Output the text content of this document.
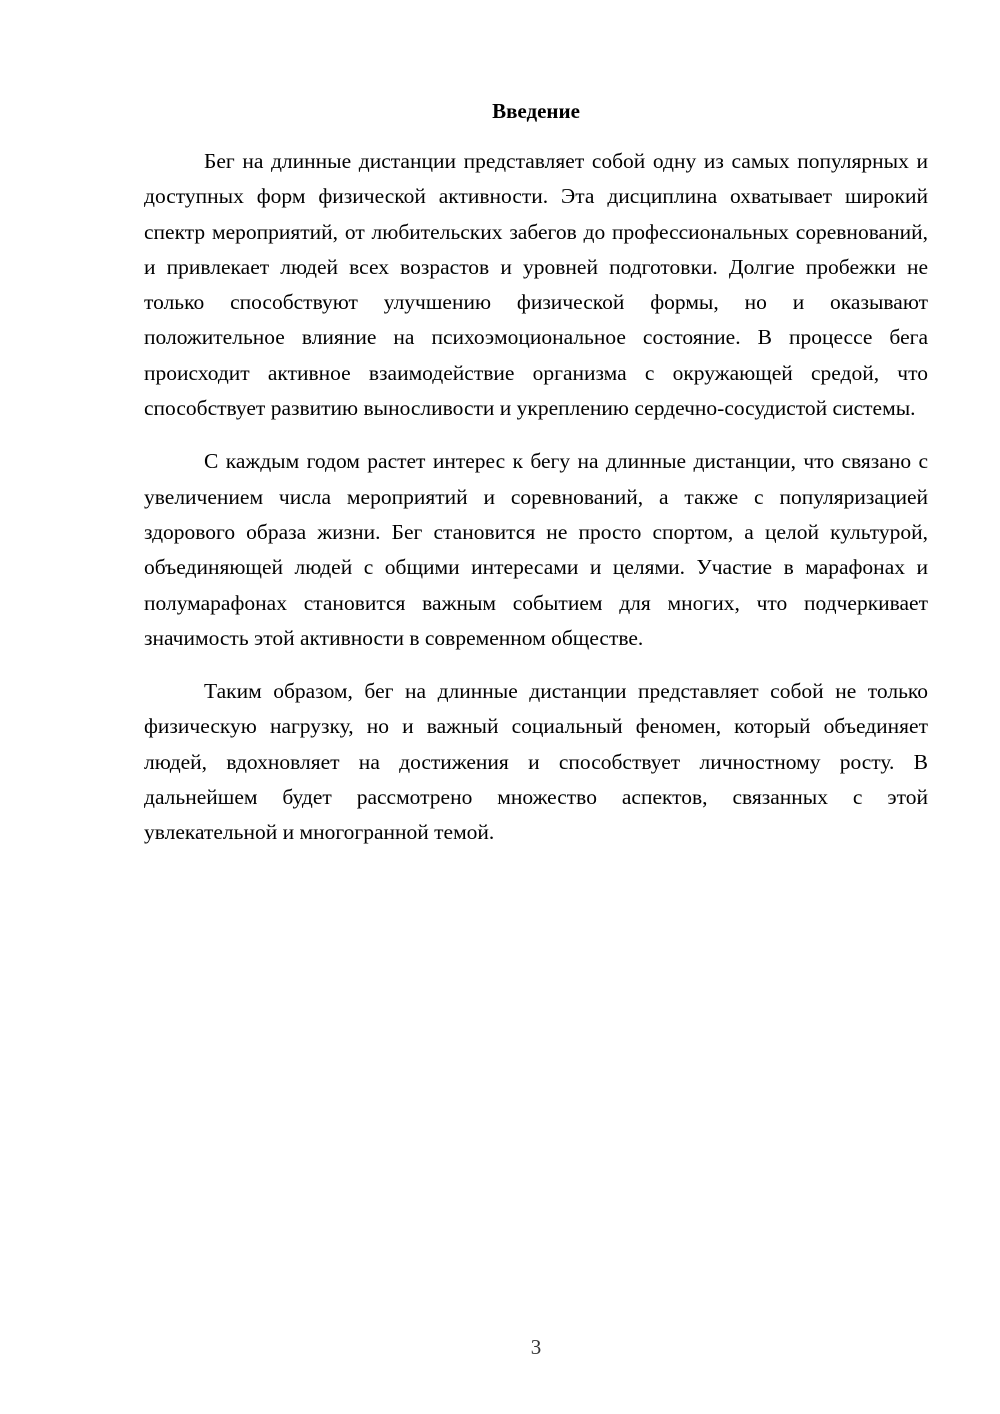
Введение

Бег на длинные дистанции представляет собой одну из самых популярных и доступных форм физической активности. Эта дисциплина охватывает широкий спектр мероприятий, от любительских забегов до профессиональных соревнований, и привлекает людей всех возрастов и уровней подготовки. Долгие пробежки не только способствуют улучшению физической формы, но и оказывают положительное влияние на психоэмоциональное состояние. В процессе бега происходит активное взаимодействие организма с окружающей средой, что способствует развитию выносливости и укреплению сердечно-сосудистой системы.

С каждым годом растет интерес к бегу на длинные дистанции, что связано с увеличением числа мероприятий и соревнований, а также с популяризацией здорового образа жизни. Бег становится не просто спортом, а целой культурой, объединяющей людей с общими интересами и целями. Участие в марафонах и полумарафонах становится важным событием для многих, что подчеркивает значимость этой активности в современном обществе.

Таким образом, бег на длинные дистанции представляет собой не только физическую нагрузку, но и важный социальный феномен, который объединяет людей, вдохновляет на достижения и способствует личностному росту. В дальнейшем будет рассмотрено множество аспектов, связанных с этой увлекательной и многогранной темой.

3
